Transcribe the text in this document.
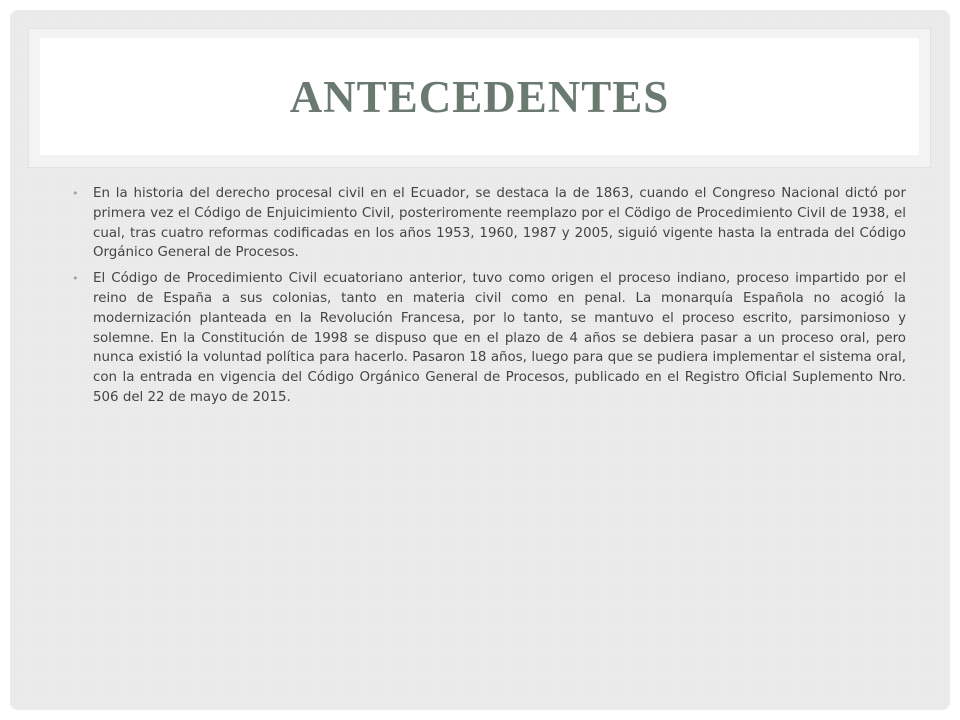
ANTECEDENTES
• En la historia del derecho procesal civil en el Ecuador, se destaca la de 1863, cuando el Congreso Nacional dictó por primera vez el Código de Enjuicimiento Civil, posteriromente reemplazo por el Cödigo de Procedimiento Civil de 1938, el cual, tras cuatro reformas codificadas en los años 1953, 1960, 1987 y 2005, siguió vigente hasta la entrada del Código Orgánico General de Procesos.
• El Código de Procedimiento Civil ecuatoriano anterior, tuvo como origen el proceso indiano, proceso impartido por el reino de España a sus colonias, tanto en materia civil como en penal. La monarquía Española no acogió la modernización planteada en la Revolución Francesa, por lo tanto, se mantuvo el proceso escrito, parsimonioso y solemne. En la Constitución de 1998 se dispuso que en el plazo de 4 años se debiera pasar a un proceso oral, pero nunca existió la voluntad política para hacerlo. Pasaron 18 años, luego para que se pudiera implementar el sistema oral, con la entrada en vigencia del Código Orgánico General de Procesos, publicado en el Registro Oficial Suplemento Nro. 506 del 22 de mayo de 2015.
